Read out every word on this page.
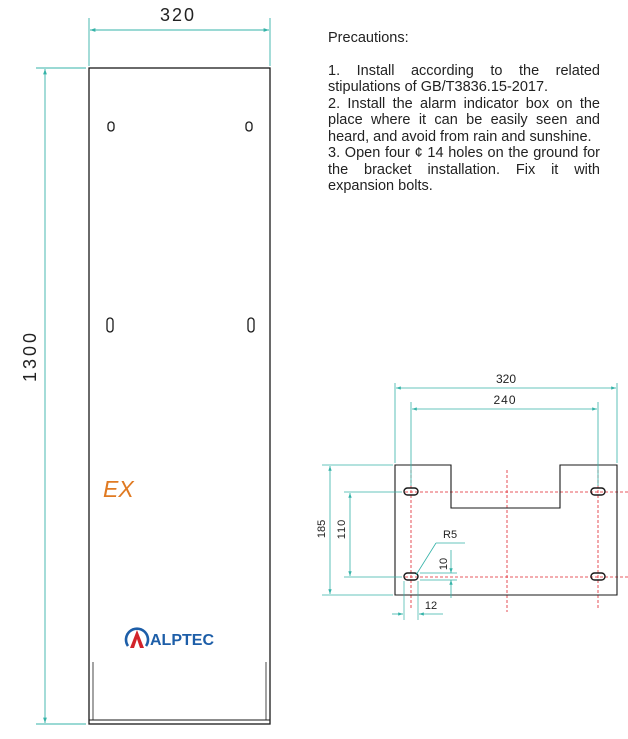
320
1300
EX
ALPTEC
320
240
185 110	R5
10
12
Precautions:
1. Install according to the related stipulations of GB/T3836.15-2017.
2. Install the alarm indicator box on the place where it can be easily seen and heard, and avoid from rain and sunshine.
3. Open four ¢ 14 holes on the ground for the bracket installation. Fix it with expansion bolts.
